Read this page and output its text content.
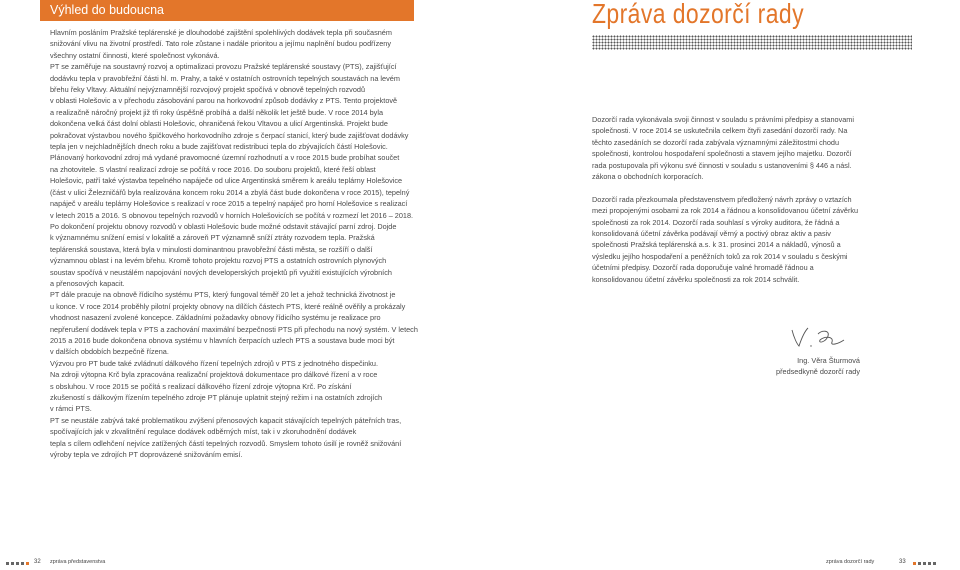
Výhled do budoucna

Hlavním posláním Pražské teplárenské je dlouhodobé zajištění spolehlivých dodávek tepla při současném

snižování vlivu na životní prostředí. Tato role zůstane i nadále prioritou a jejímu naplnění budou podřízeny

všechny ostatní činnosti, které společnost vykonává.

PT se zaměřuje na soustavný rozvoj a optimalizaci provozu Pražské teplárenské soustavy (PTS), zajišťující

dodávku tepla v pravobřežní části hl. m. Prahy, a také v ostatních ostrovních tepelných soustavách na levém

břehu řeky Vltavy. Aktuální nejvýznamnější rozvojový projekt spočívá v obnově tepelných rozvodů

v oblasti Holešovic a v přechodu zásobování parou na horkovodní způsob dodávky z PTS. Tento projektově

a realizačně náročný projekt již tři roky úspěšně probíhá a další několik let ještě bude. V roce 2014 byla

dokončena velká část dolní oblasti Holešovic, ohraničená řekou Vltavou a ulicí Argentinská. Projekt bude

pokračovat výstavbou nového špičkového horkovodního zdroje s čerpací stanicí, který bude zajišťovat dodávky

tepla jen v nejchladnějších dnech roku a bude zajišťovat redistribuci tepla do zbývajících částí Holešovic.

Plánovaný horkovodní zdroj má vydané pravomocné územní rozhodnutí a v roce 2015 bude probíhat součet

na zhotovitele. S vlastní realizací zdroje se počítá v roce 2016. Do souboru projektů, které řeší oblast

Holešovic, patří také výstavba tepelného napáječe od ulice Argentinská směrem k areálu teplárny Holešovice

(část v ulici Železničářů byla realizována koncem roku 2014 a zbylá část bude dokončena v roce 2015), tepelný

napáječ v areálu teplárny Holešovice s realizací v roce 2015 a tepelný napáječ pro horní Holešovice s realizací

v letech 2015 a 2016. S obnovou tepelných rozvodů v horních Holešovicích se počítá v rozmezí let 2016 – 2018.

Po dokončení projektu obnovy rozvodů v oblasti Holešovic bude možné odstavit stávající parní zdroj. Dojde

k významnému snížení emisí v lokalitě a zároveň PT významně sníží ztráty rozvodem tepla. Pražská

teplárenská soustava, která byla v minulosti dominantnou pravobřežní části města, se rozšíří o další

významnou oblast i na levém břehu. Kromě tohoto projektu rozvoj PTS a ostatních ostrovních plynových

soustav spočívá v neustálém napojování nových developerských projektů při využití existujících výrobních

a přenosových kapacit.

PT dále pracuje na obnově řídicího systému PTS, který fungoval téměř 20 let a jehož technická životnost je

u konce. V roce 2014 proběhly pilotní projekty obnovy na dílčích částech PTS, které reálně ověřily a prokázaly

vhodnost nasazení zvolené koncepce. Základními požadavky obnovy řídicího systému je realizace pro

nepřerušení dodávek tepla v PTS a zachování maximální bezpečnosti PTS při přechodu na nový systém. V letech

2015 a 2016 bude dokončena obnova systému v hlavních čerpacích uzlech PTS a soustava bude moci být

v dalších obdobích bezpečně řízena.

Výzvou pro PT bude také zvládnutí dálkového řízení tepelných zdrojů v PTS z jednotného dispečinku.

Na zdroji výtopna Krč byla zpracována realizační projektová dokumentace pro dálkové řízení a v roce

s obsluhou. V roce 2015 se počítá s realizací dálkového řízení zdroje výtopna Krč. Po získání

zkušeností s dálkovým řízením tepelného zdroje PT plánuje uplatnit stejný režim i na ostatních zdrojích

v rámci PTS.

PT se neustále zabývá také problematikou zvýšení přenosových kapacit stávajících tepelných páteřních tras,

spočívajících jak v zkvalitnění regulace dodávek odběrných míst, tak i v zkoruhodnění dodávek

tepla s cílem odlehčení nejvíce zatížených částí tepelných rozvodů. Smyslem tohoto úsilí je rovněž snižování

výroby tepla ve zdrojích PT doprovázené snižováním emisí.

Zpráva dozorčí rady

Dozorčí rada vykonávala svoji činnost v souladu s právními předpisy a stanovami společnosti. V roce 2014 se uskutečnila celkem čtyři zasedání dozorčí rady. Na těchto zasedáních se dozorčí rada zabývala významnými záležitostmi chodu společnosti, kontrolou hospodaření společnosti a stavem jejího majetku. Dozorčí rada postupovala při výkonu své činnosti v souladu s ustanoveními § 446 a násl. zákona o obchodních korporacích.

Dozorčí rada přezkoumala představenstvem předložený návrh zprávy o vztazích mezi propojenými osobami za rok 2014 a řádnou a konsolidovanou účetní závěrku společnosti za rok 2014. Dozorčí rada souhlasí s výroky auditora, že řádná a konsolidovaná účetní závěrka podávají věrný a poctivý obraz aktiv a pasiv společnosti Pražská teplárenská a.s. k 31. prosinci 2014 a nákladů, výnosů a výsledku jejího hospodaření a peněžních toků za rok 2014 v souladu s českými účetními předpisy. Dozorčí rada doporučuje valné hromadě řádnou a konsolidovanou účetní závěrku společnosti za rok 2014 schválit.

Ing. Věra Šturmová
předsedkyně dozorčí rady
32 zpráva představenstva	zpráva dozorčí rady	33
